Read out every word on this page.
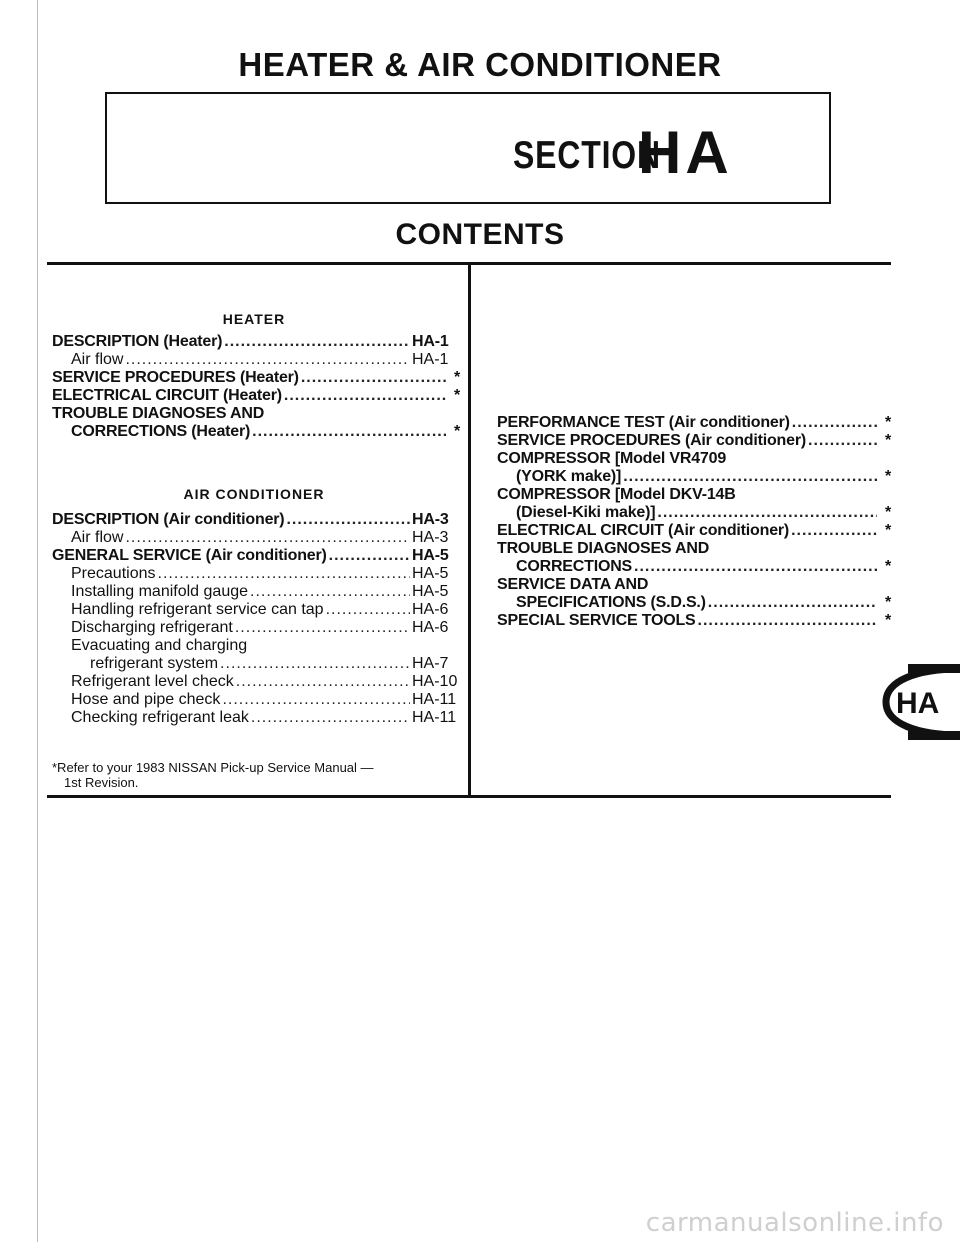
HEATER & AIR CONDITIONER
SECTION
HA
CONTENTS
HEATER
DESCRIPTION (Heater) .....	HA-1
Air flow .....	HA-1
SERVICE PROCEDURES (Heater) .....	*
ELECTRICAL CIRCUIT (Heater) .....	*
TROUBLE DIAGNOSES AND
CORRECTIONS (Heater) .....	*
AIR CONDITIONER
DESCRIPTION (Air conditioner) .....	HA-3
Air flow .....	HA-3
GENERAL SERVICE (Air conditioner) .....	HA-5
Precautions .....	HA-5
Installing manifold gauge .....	HA-5
Handling refrigerant service can tap .....	HA-6
Discharging refrigerant .....	HA-6
Evacuating and charging
refrigerant system .....	HA-7
Refrigerant level check .....	HA-10
Hose and pipe check .....	HA-11
Checking refrigerant leak .....	HA-11
*Refer to your 1983 NISSAN Pick-up Service Manual —
1st Revision.
PERFORMANCE TEST (Air conditioner) .....	*
SERVICE PROCEDURES (Air conditioner) .....	*
COMPRESSOR [Model VR4709
(YORK make)] .....	*
COMPRESSOR [Model DKV-14B
(Diesel-Kiki make)] .....	*
ELECTRICAL CIRCUIT (Air conditioner) .....	*
TROUBLE DIAGNOSES AND
CORRECTIONS .....	*
SERVICE DATA AND
SPECIFICATIONS (S.D.S.) .....	*
SPECIAL SERVICE TOOLS .....	*
HA
carmanualsonline.info
